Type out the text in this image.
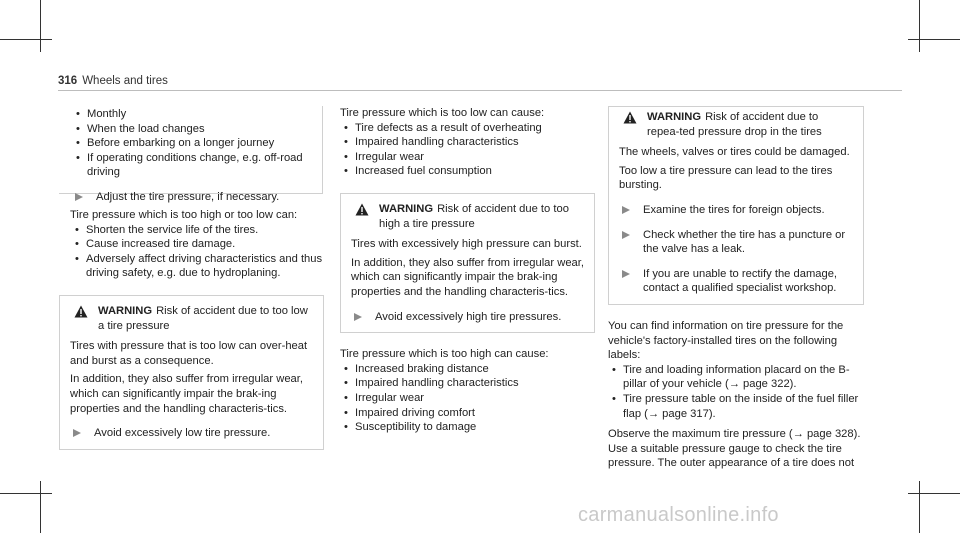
316 Wheels and tires
• Monthly
• When the load changes
• Before embarking on a longer journey
• If operating conditions change, e.g. off-road driving

Adjust the tire pressure, if necessary.

Tire pressure which is too high or too low can:

• Shorten the service life of the tires.
• Cause increased tire damage.
• Adversely affect driving characteristics and thus driving safety, e.g. due to hydroplaning.
WARNING Risk of accident due to too low a tire pressure

Tires with pressure that is too low can over-heat and burst as a consequence.

In addition, they also suffer from irregular wear, which can significantly impair the brak-ing properties and the handling characteris-tics.

Avoid excessively low tire pressure.

Tire pressure which is too low can cause:

• Tire defects as a result of overheating
• Impaired handling characteristics
• Irregular wear
• Increased fuel consumption
WARNING Risk of accident due to too high a tire pressure

Tires with excessively high pressure can burst.

In addition, they also suffer from irregular wear, which can significantly impair the brak-ing properties and the handling characteris-tics.

Avoid excessively high tire pressures.

Tire pressure which is too high can cause:

• Increased braking distance
• Impaired handling characteristics
• Irregular wear
• Impaired driving comfort
• Susceptibility to damage
WARNING Risk of accident due to repea-ted pressure drop in the tires

The wheels, valves or tires could be damaged.

Too low a tire pressure can lead to the tires bursting.

Examine the tires for foreign objects.

Check whether the tire has a puncture or the valve has a leak.

If you are unable to rectify the damage, contact a qualified specialist workshop.

You can find information on tire pressure for the vehicle's factory-installed tires on the following labels:

• Tire and loading information placard on the B-pillar of your vehicle (→ page 322).
• Tire pressure table on the inside of the fuel filler flap (→ page 317).

Observe the maximum tire pressure (→ page 328).

Use a suitable pressure gauge to check the tire pressure. The outer appearance of a tire does not

carmanualsonline.info
